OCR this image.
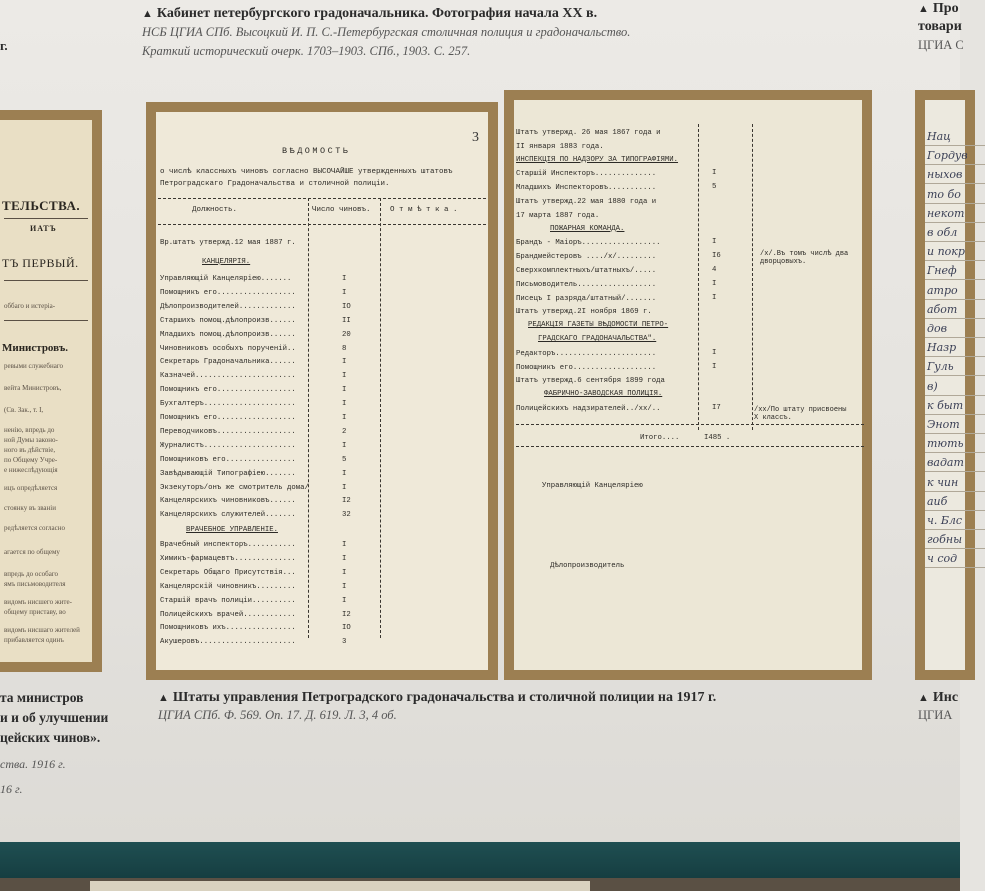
г.
▲ Кабинет петербургского градоначальника. Фотография начала XX в.
НСБ ЦГИА СПб. Высоцкий И. П. С.-Петербургская столичная полиция и градоначальство.
Краткий исторический очерк. 1703–1903. СПб., 1903. С. 257.
▲ Про
товари
ЦГИА С
ТЕЛЬСТВА.
ИАТЪ
ТЪ ПЕРВЫЙ.
оббаго и истерiа-
Министровъ.
ревыми служебнаго
вейта Министровъ,
(Св. Зак., т. I,
ненiю, впредь до
ной Думы законо-
ного въ дѣйствiе,
по Общему Учре-
е нижеслѣдующiя
ицъ опредѣляется
стоянку въ званiи
редѣляется согласно
агается по общему
впредь до особаго
ямъ письмоводителя
видомъ нисшего житe-
общему приставу, во
видомъ нисшаго жителей
прибавляется одинъ
3
ВѢДОМОСТЬ
о числѣ классныхъ чиновъ согласно ВЫСОЧАЙШЕ утвержденныхъ штатовъ
Петроградскаго Градоначальства и столичной полицiи.
Должность.	Число чиновъ.	О т м ѣ т к а .
Вр.штатъ утвержд.12 мая 1887 г.
КАНЦЕЛЯРIЯ.
Управляющiй Канцелярiею.......	I
Помощникъ его..................	I
Дѣлопроизводителей.............	IO
Старшихъ помощ.дѣлопроизв......	II
Младшихъ помощ.дѣлопроизв......	20
Чиновниковъ особыхъ порученiй..	8
Секретарь Градоначальника......	I
Казначей.......................	I
Помощникъ его..................	I
Бухгалтеръ.....................	I
Помощникъ его..................	I
Переводчиковъ..................	2
Журналистъ.....................	I
Помощниковъ его................	5
Завѣдывающiй Типографiею.......	I
Экзекуторъ/онъ же смотритель дома/	I
Канцелярскихъ чиновниковъ......	I2
Канцелярскихъ служителей.......	32
ВРАЧЕБНОЕ УПРАВЛЕНIЕ.
Врачебный инспекторъ...........	I
Химикъ-фармацевтъ..............	I
Секретарь Общаго Присутствiя...	I
Канцелярскiй чиновникъ.........	I
Старшiй врачъ полицiи..........	I
Полицейскихъ врачей............	I2
Помощниковъ ихъ................	IO
Акушеровъ......................	3
Штатъ утвержд. 26 мая 1867 года и
II января 1883 года.
ИНСПЕКЦIЯ ПО НАДЗОРУ ЗА ТИПОГРАФIЯМИ.
Старшiй Инспекторъ..............	I
Младшихъ Инспекторовъ...........	5
Штатъ утвержд.22 мая 1880 года и
17 марта 1887 года.
ПОЖАРНАЯ КОМАНДА.
Брандъ - Маiоръ..................	I
Брандмейстеровъ ..../х/.........	I6
Сверхкомплектныхъ/штатныхъ/.....	4
Письмоводитель..................	I
Писецъ I разряда/штатный/.......	I
Штатъ утвержд.2I ноября 1869 г.
РЕДАКЦIЯ ГАЗЕТЫ ВѢДОМОСТИ ПЕТРО-
ГРАДСКАГО ГРАДОНАЧАЛЬСТВА".
Редакторъ.......................	I
Помощникъ его...................	I
Штатъ утвержд.6 сентября 1899 года
ФАБРИЧНО-ЗАВОДСКАЯ ПОЛИЦIЯ.
Полицейскихъ надзирателей../хх/..	I7
/х/.Въ томъ числѣ два
дворцовыхъ.
/хх/По штату присвоены
X классъ.
Итого....	I485 .
Управляющiй Канцелярiею
Дѣлопроизводитель
Нац
Гордув
ныхов
то бо
некот
в обл
и покр
Гнеф
атро
абот
дов
Назр
Гуль
в)
к быт
Энот
тють
вадат
к чин
аиб
ч. Блс
гобны
ч сод
та министров
и и об улучшении
цейских чинов».
ства. 1916 г.
16 г.
▲ Штаты управления Петроградского градоначальства и столичной полиции на 1917 г.
ЦГИА СПб. Ф. 569. Оп. 17. Д. 619. Л. 3, 4 об.
▲ Инс
ЦГИА
